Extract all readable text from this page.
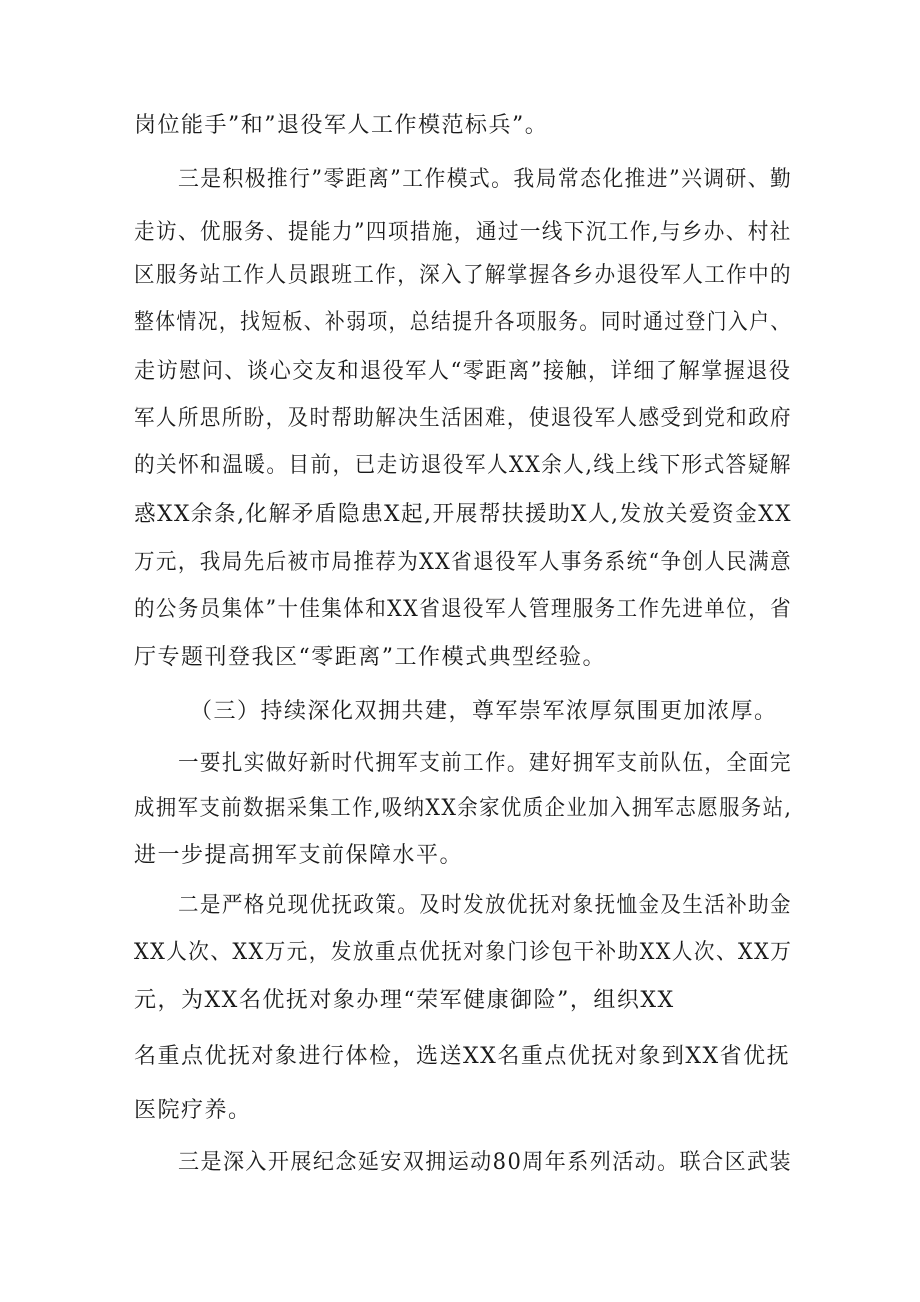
岗位能手”和”退役军人工作模范标兵”。

三是积极推行”零距离”工作模式。我局常态化推进”兴调研、勤

走访、优服务、提能力”四项措施，通过一线下沉工作,与乡办、村社

区服务站工作人员跟班工作，深入了解掌握各乡办退役军人工作中的

整体情况，找短板、补弱项，总结提升各项服务。同时通过登门入户、

走访慰问、谈心交友和退役军人“零距离”接触，详细了解掌握退役

军人所思所盼，及时帮助解决生活困难，使退役军人感受到党和政府

的关怀和温暖。目前，已走访退役军人XX余人,线上线下形式答疑解

惑XX余条,化解矛盾隐患X起,开展帮扶援助X人,发放关爱资金XX

万元，我局先后被市局推荐为XX省退役军人事务系统“争创人民满意

的公务员集体”十佳集体和XX省退役军人管理服务工作先进单位，省

厅专题刊登我区“零距离”工作模式典型经验。

（三）持续深化双拥共建，尊军崇军浓厚氛围更加浓厚。

一要扎实做好新时代拥军支前工作。建好拥军支前队伍，全面完

成拥军支前数据采集工作,吸纳XX余家优质企业加入拥军志愿服务站,

进一步提高拥军支前保障水平。

二是严格兑现优抚政策。及时发放优抚对象抚恤金及生活补助金

XX人次、XX万元，发放重点优抚对象门诊包干补助XX人次、XX万

元，为XX名优抚对象办理“荣军健康御险”，组织XX

名重点优抚对象进行体检，选送XX名重点优抚对象到XX省优抚

医院疗养。

三是深入开展纪念延安双拥运动80周年系列活动。联合区武装
